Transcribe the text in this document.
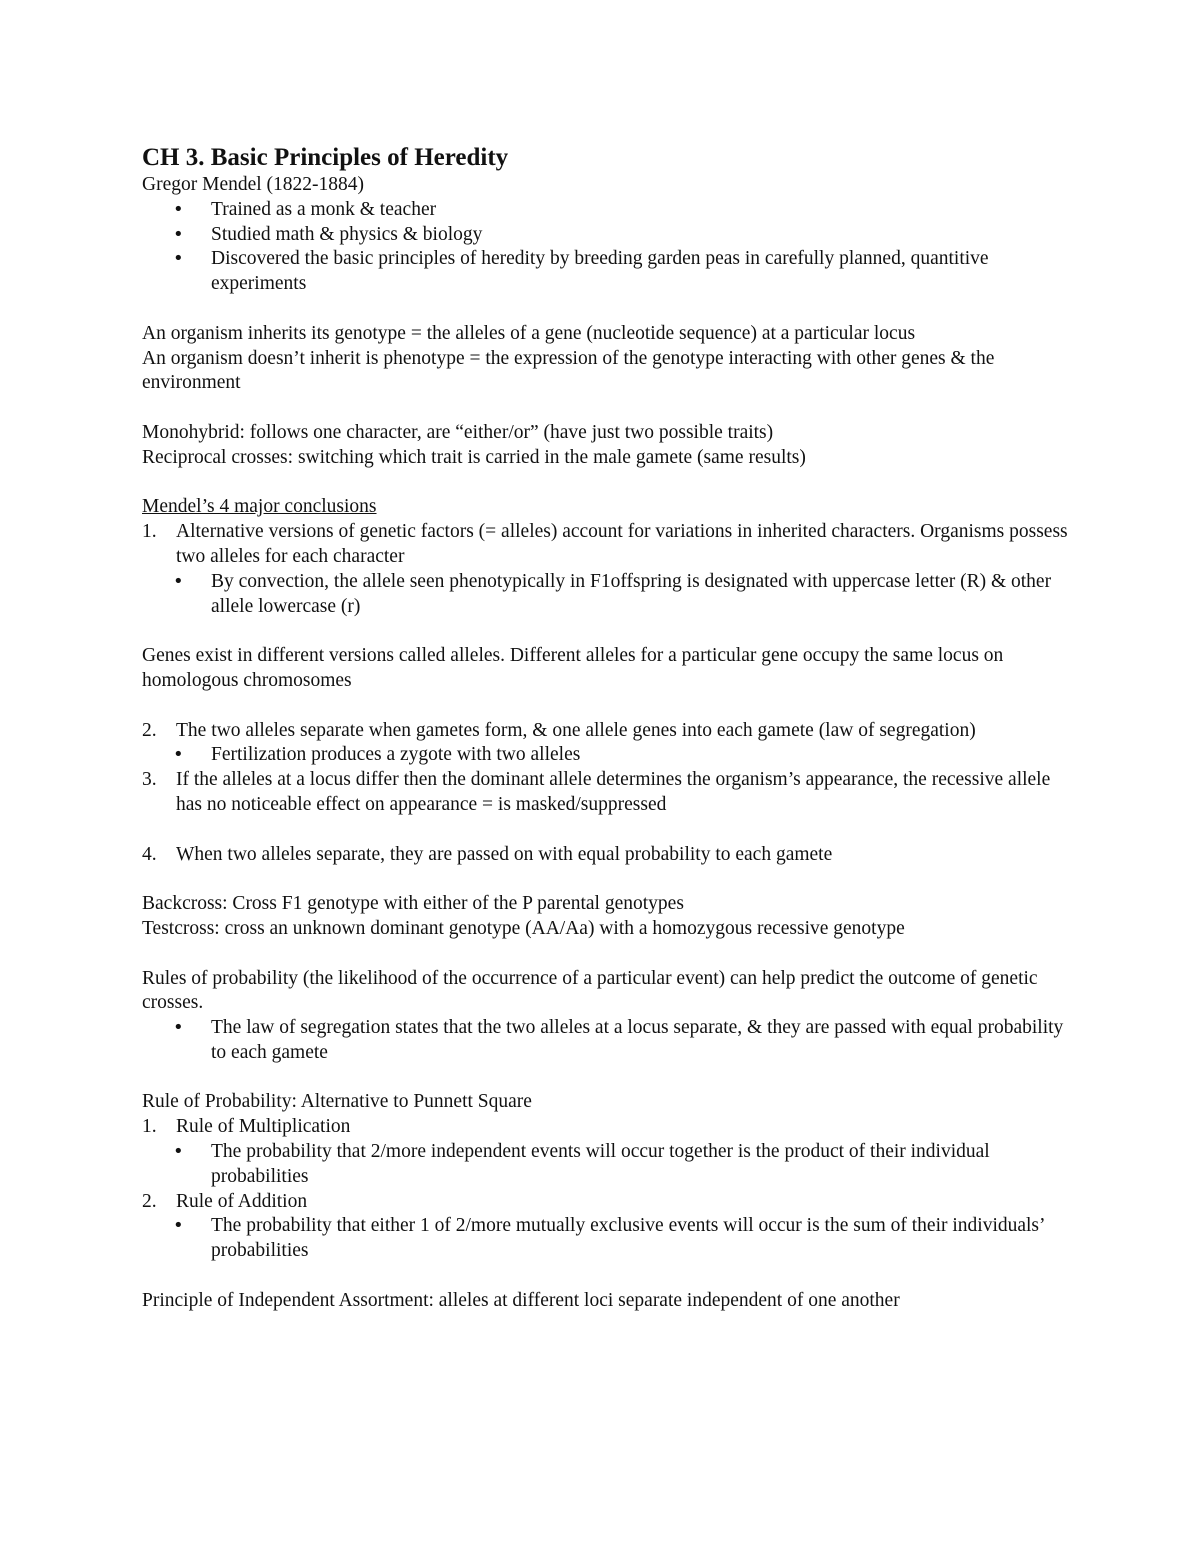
CH 3. Basic Principles of Heredity

Gregor Mendel (1822-1884)

• Trained as a monk & teacher
• Studied math & physics & biology
• Discovered the basic principles of heredity by breeding garden peas in carefully planned, quantitive experiments

An organism inherits its genotype = the alleles of a gene (nucleotide sequence) at a particular locus

An organism doesn’t inherit is phenotype = the expression of the genotype interacting with other genes & the environment

Monohybrid: follows one character, are “either/or” (have just two possible traits)

Reciprocal crosses: switching which trait is carried in the male gamete (same results)

Mendel’s 4 major conclusions

1. Alternative versions of genetic factors (= alleles) account for variations in inherited characters. Organisms possess two alleles for each character
• By convection, the allele seen phenotypically in F1offspring is designated with uppercase letter (R) & other allele lowercase (r)

Genes exist in different versions called alleles. Different alleles for a particular gene occupy the same locus on homologous chromosomes

2. The two alleles separate when gametes form, & one allele genes into each gamete (law of segregation)
• Fertilization produces a zygote with two alleles
3. If the alleles at a locus differ then the dominant allele determines the organism’s appearance, the recessive allele has no noticeable effect on appearance = is masked/suppressed
4. When two alleles separate, they are passed on with equal probability to each gamete

Backcross: Cross F1 genotype with either of the P parental genotypes

Testcross: cross an unknown dominant genotype (AA/Aa) with a homozygous recessive genotype

Rules of probability (the likelihood of the occurrence of a particular event) can help predict the outcome of genetic crosses.

• The law of segregation states that the two alleles at a locus separate, & they are passed with equal probability to each gamete

Rule of Probability: Alternative to Punnett Square

1. Rule of Multiplication
• The probability that 2/more independent events will occur together is the product of their individual probabilities
2. Rule of Addition
• The probability that either 1 of 2/more mutually exclusive events will occur is the sum of their individuals’ probabilities

Principle of Independent Assortment: alleles at different loci separate independent of one another
